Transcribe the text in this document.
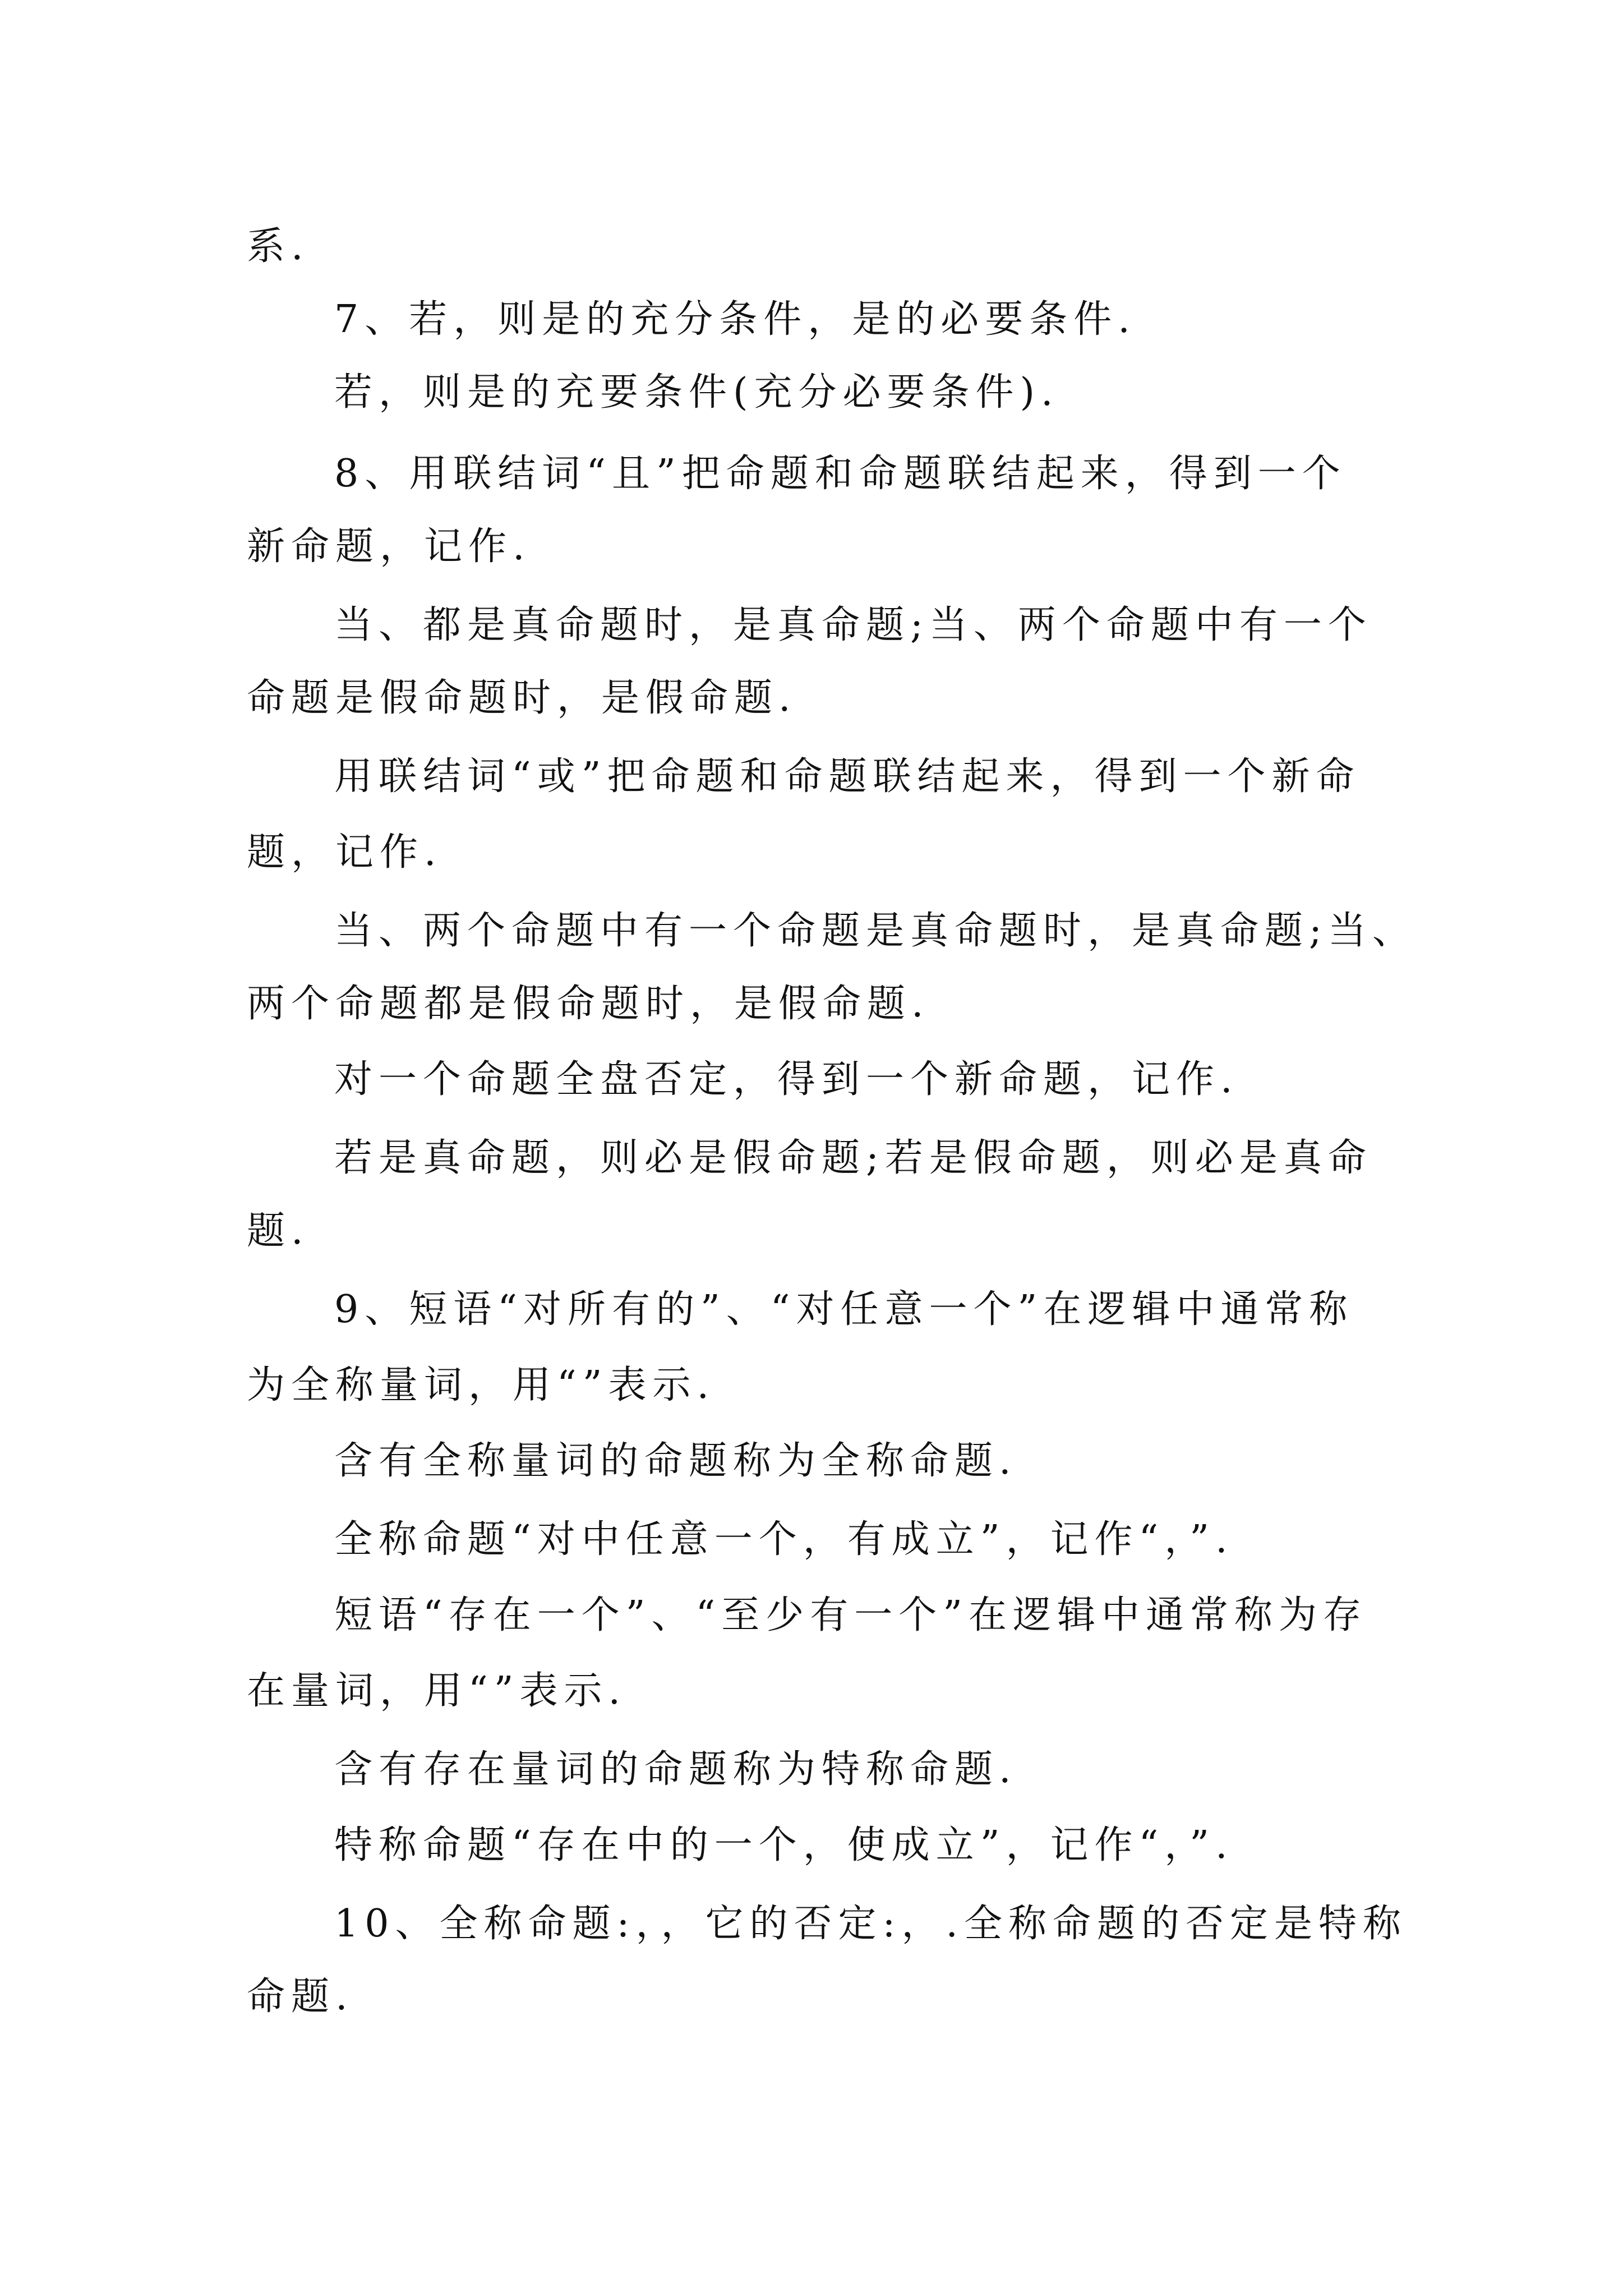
系.

7、若，则是的充分条件，是的必要条件.

若，则是的充要条件(充分必要条件).

8、用联结词“且”把命题和命题联结起来，得到一个

新命题，记作.

当、都是真命题时，是真命题;当、两个命题中有一个

命题是假命题时，是假命题.

用联结词“或”把命题和命题联结起来，得到一个新命

题，记作.

当、两个命题中有一个命题是真命题时，是真命题;当、

两个命题都是假命题时，是假命题.

对一个命题全盘否定，得到一个新命题，记作.

若是真命题，则必是假命题;若是假命题，则必是真命

题.

9、短语“对所有的”、“对任意一个”在逻辑中通常称

为全称量词，用“”表示.

含有全称量词的命题称为全称命题.

全称命题“对中任意一个，有成立”，记作“，”.

短语“存在一个”、“至少有一个”在逻辑中通常称为存

在量词，用“”表示.

含有存在量词的命题称为特称命题.

特称命题“存在中的一个，使成立”，记作“，”.

10、全称命题:，，它的否定:，.全称命题的否定是特称

命题.
